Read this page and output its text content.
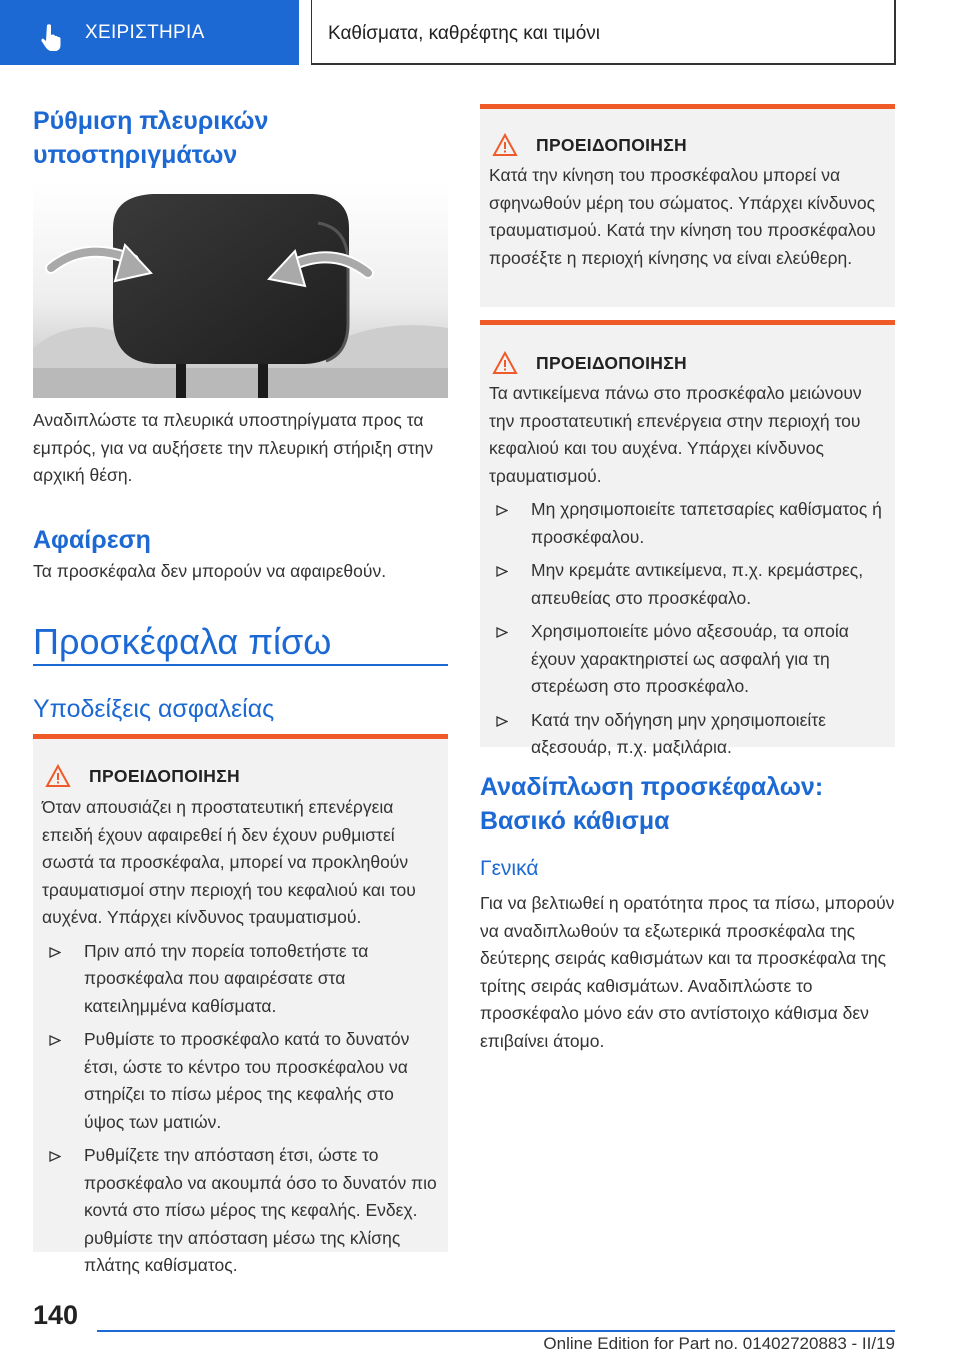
ΧΕΙΡΙΣΤΗΡΙΑ	Καθίσματα, καθρέφτης και τιμόνι
Ρύθμιση πλευρικών υποστηριγμάτων

Αναδιπλώστε τα πλευρικά υποστηρίγματα προς τα εμπρός, για να αυξήσετε την πλευρική στήριξη στην αρχική θέση.

Αφαίρεση

Τα προσκέφαλα δεν μπορούν να αφαιρεθούν.

Προσκέφαλα πίσω
Υποδείξεις ασφαλείας
ΠΡΟΕΙΔΟΠΟΙΗΣΗ

Όταν απουσιάζει η προστατευτική επενέργεια επειδή έχουν αφαιρεθεί ή δεν έχουν ρυθμιστεί σωστά τα προσκέφαλα, μπορεί να προκληθούν τραυματισμοί στην περιοχή του κεφαλιού και του αυχένα. Υπάρχει κίνδυνος τραυματισμού.

Πριν από την πορεία τοποθετήστε τα προσκέφαλα που αφαιρέσατε στα κατειλημμένα καθίσματα.
Ρυθμίστε το προσκέφαλο κατά το δυνατόν έτσι, ώστε το κέντρο του προσκέφαλου να στηρίζει το πίσω μέρος της κεφαλής στο ύψος των ματιών.
Ρυθμίζετε την απόσταση έτσι, ώστε το προσκέφαλο να ακουμπά όσο το δυνατόν πιο κοντά στο πίσω μέρος της κεφαλής. Ενδεχ. ρυθμίστε την απόσταση μέσω της κλίσης πλάτης καθίσματος.
ΠΡΟΕΙΔΟΠΟΙΗΣΗ

Κατά την κίνηση του προσκέφαλου μπορεί να σφηνωθούν μέρη του σώματος. Υπάρχει κίνδυνος τραυματισμού. Κατά την κίνηση του προσκέφαλου προσέξτε η περιοχή κίνησης να είναι ελεύθερη.

ΠΡΟΕΙΔΟΠΟΙΗΣΗ

Τα αντικείμενα πάνω στο προσκέφαλο μειώνουν την προστατευτική επενέργεια στην περιοχή του κεφαλιού και του αυχένα. Υπάρχει κίνδυνος τραυματισμού.

Μη χρησιμοποιείτε ταπετσαρίες καθίσματος ή προσκέφαλου.
Μην κρεμάτε αντικείμενα, π.χ. κρεμάστρες, απευθείας στο προσκέφαλο.
Χρησιμοποιείτε μόνο αξεσουάρ, τα οποία έχουν χαρακτηριστεί ως ασφαλή για τη στερέωση στο προσκέφαλο.
Κατά την οδήγηση μην χρησιμοποιείτε αξεσουάρ, π.χ. μαξιλάρια.
Αναδίπλωση προσκέφαλων: Βασικό κάθισμα
Γενικά

Για να βελτιωθεί η ορατότητα προς τα πίσω, μπορούν να αναδιπλωθούν τα εξωτερικά προσκέφαλα της δεύτερης σειράς καθισμάτων και τα προσκέφαλα της τρίτης σειράς καθισμάτων. Αναδιπλώστε το προσκέφαλο μόνο εάν στο αντίστοιχο κάθισμα δεν επιβαίνει άτομο.

140
Online Edition for Part no. 01402720883 - II/19
